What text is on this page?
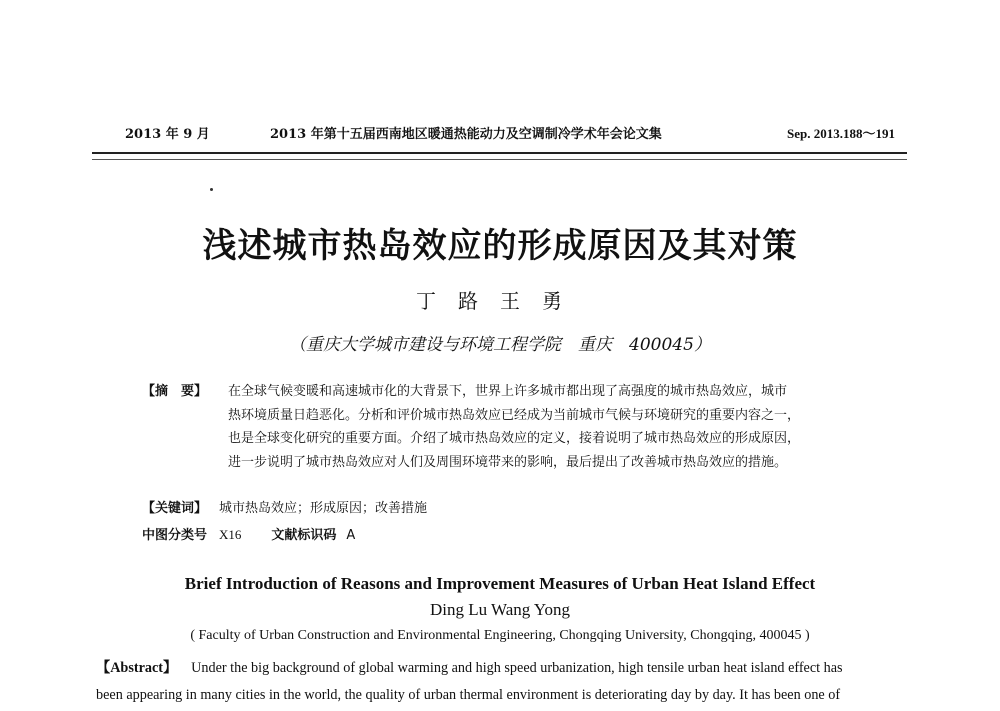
2013 年 9 月	2013 年第十五届西南地区暖通热能动力及空调制冷学术年会论文集	Sep. 2013.188～191
浅述城市热岛效应的形成原因及其对策
丁路王勇
（重庆大学城市建设与环境工程学院　重庆　400045）
【摘　要】 在全球气候变暖和高速城市化的大背景下，世界上许多城市都出现了高强度的城市热岛效应，城市
热环境质量日趋恶化。分析和评价城市热岛效应已经成为当前城市气候与环境研究的重要内容之一，
也是全球变化研究的重要方面。介绍了城市热岛效应的定义，接着说明了城市热岛效应的形成原因，
进一步说明了城市热岛效应对人们及周围环境带来的影响，最后提出了改善城市热岛效应的措施。
【关键词】 城市热岛效应；形成原因；改善措施
中图分类号 X16 文献标识码 A
Brief Introduction of Reasons and Improvement Measures of Urban Heat Island Effect
Ding Lu Wang Yong
( Faculty of Urban Construction and Environmental Engineering, Chongqing University, Chongqing, 400045 )
【Abstract】 Under the big background of global warming and high speed urbanization, high tensile urban heat island effect has
been appearing in many cities in the world, the quality of urban thermal environment is deteriorating day by day. It has been one of
